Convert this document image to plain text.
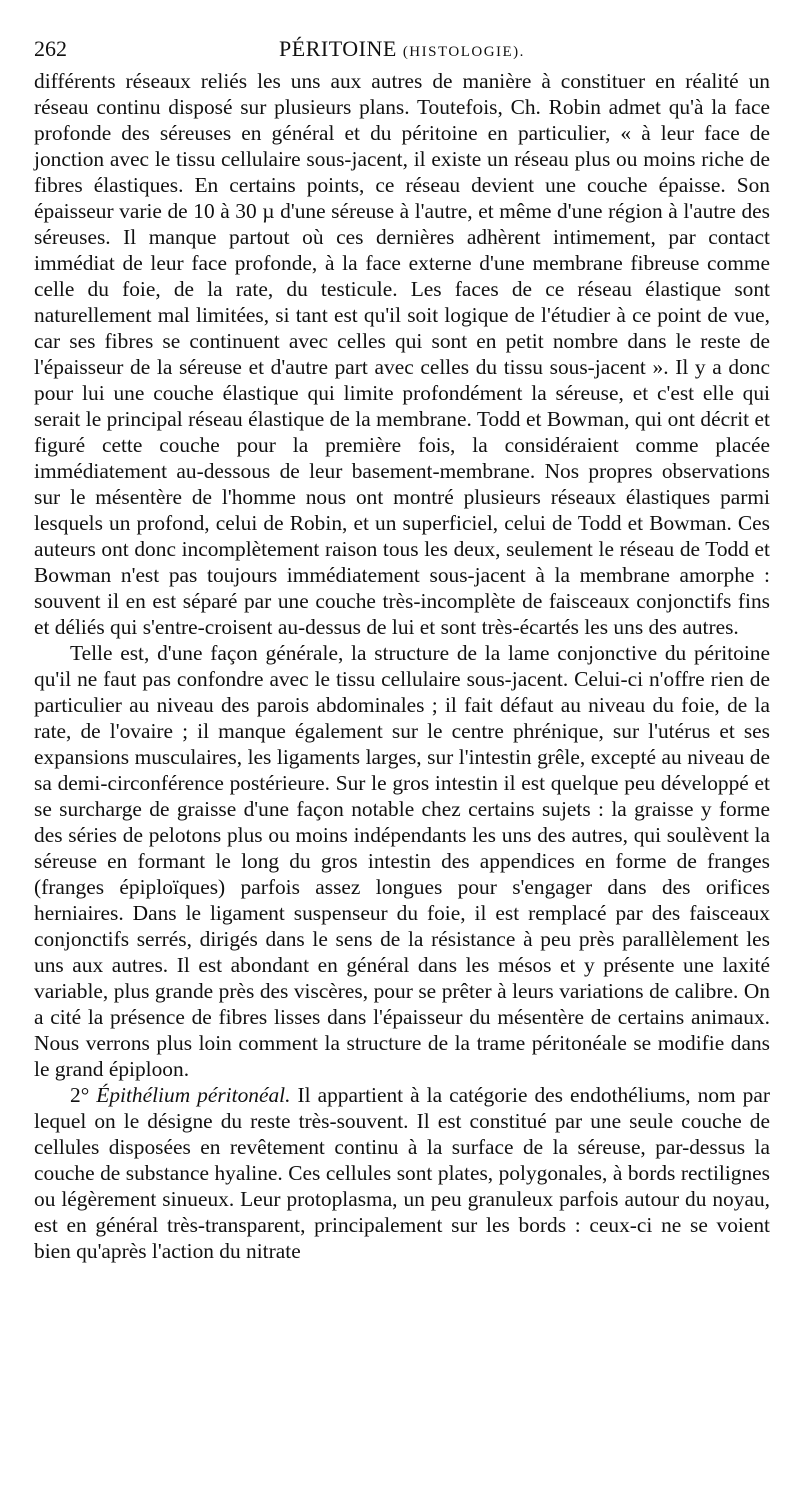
262	PÉRITOINE (HISTOLOGIE).

différents réseaux reliés les uns aux autres de manière à constituer en réalité un réseau continu disposé sur plusieurs plans. Toutefois, Ch. Robin admet qu'à la face profonde des séreuses en général et du péritoine en particulier, « à leur face de jonction avec le tissu cellulaire sous-jacent, il existe un réseau plus ou moins riche de fibres élastiques. En certains points, ce réseau devient une couche épaisse. Son épaisseur varie de 10 à 30 µ d'une séreuse à l'autre, et même d'une région à l'autre des séreuses. Il manque partout où ces dernières adhèrent intimement, par contact immédiat de leur face profonde, à la face externe d'une membrane fibreuse comme celle du foie, de la rate, du testicule. Les faces de ce réseau élastique sont naturellement mal limitées, si tant est qu'il soit logique de l'étudier à ce point de vue, car ses fibres se continuent avec celles qui sont en petit nombre dans le reste de l'épaisseur de la séreuse et d'autre part avec celles du tissu sous-jacent ». Il y a donc pour lui une couche élastique qui limite profondément la séreuse, et c'est elle qui serait le principal réseau élastique de la membrane. Todd et Bowman, qui ont décrit et figuré cette couche pour la première fois, la considéraient comme placée immédiatement au-dessous de leur basement-membrane. Nos propres observations sur le mésentère de l'homme nous ont montré plusieurs réseaux élastiques parmi lesquels un profond, celui de Robin, et un superficiel, celui de Todd et Bowman. Ces auteurs ont donc incomplètement raison tous les deux, seulement le réseau de Todd et Bowman n'est pas toujours immédiatement sous-jacent à la membrane amorphe : souvent il en est séparé par une couche très-incomplète de faisceaux conjonctifs fins et déliés qui s'entre-croisent au-dessus de lui et sont très-écartés les uns des autres.

Telle est, d'une façon générale, la structure de la lame conjonctive du péritoine qu'il ne faut pas confondre avec le tissu cellulaire sous-jacent. Celui-ci n'offre rien de particulier au niveau des parois abdominales ; il fait défaut au niveau du foie, de la rate, de l'ovaire ; il manque également sur le centre phrénique, sur l'utérus et ses expansions musculaires, les ligaments larges, sur l'intestin grêle, excepté au niveau de sa demi-circonférence postérieure. Sur le gros intestin il est quelque peu développé et se surcharge de graisse d'une façon notable chez certains sujets : la graisse y forme des séries de pelotons plus ou moins indépendants les uns des autres, qui soulèvent la séreuse en formant le long du gros intestin des appendices en forme de franges (franges épiploïques) parfois assez longues pour s'engager dans des orifices herniaires. Dans le ligament suspenseur du foie, il est remplacé par des faisceaux conjonctifs serrés, dirigés dans le sens de la résistance à peu près parallèlement les uns aux autres. Il est abondant en général dans les mésos et y présente une laxité variable, plus grande près des viscères, pour se prêter à leurs variations de calibre. On a cité la présence de fibres lisses dans l'épaisseur du mésentère de certains animaux. Nous verrons plus loin comment la structure de la trame péritonéale se modifie dans le grand épiploon.

2° Épithélium péritonéal. Il appartient à la catégorie des endothéliums, nom par lequel on le désigne du reste très-souvent. Il est constitué par une seule couche de cellules disposées en revêtement continu à la surface de la séreuse, par-dessus la couche de substance hyaline. Ces cellules sont plates, polygonales, à bords rectilignes ou légèrement sinueux. Leur protoplasma, un peu granuleux parfois autour du noyau, est en général très-transparent, principalement sur les bords : ceux-ci ne se voient bien qu'après l'action du nitrate
